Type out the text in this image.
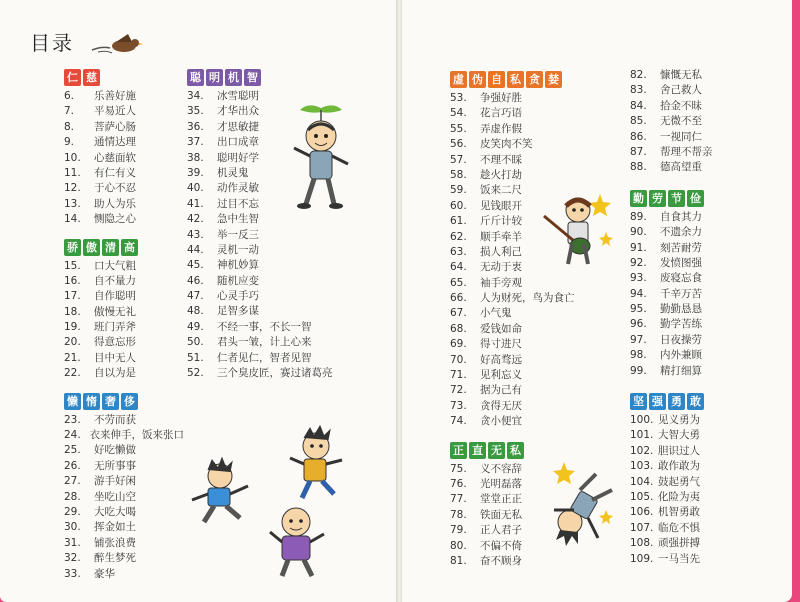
目录
仁 慈
6.	乐善好施
7.	平易近人
8.	菩萨心肠
9.	通情达理
10.	心慈面软
11.	有仁有义
12.	于心不忍
13.	助人为乐
14.	恻隐之心
骄 傲 清 高
15.	口大气粗
16.	自不量力
17.	自作聪明
18.	傲慢无礼
19.	班门弄斧
20.	得意忘形
21.	目中无人
22.	自以为是
懒 惰 奢 侈
23.	不劳而获
24. 衣来伸手，饭来张口
25.	好吃懒做
26.	无所事事
27.	游手好闲
28.	坐吃山空
29.	大吃大喝
30.	挥金如土
31.	铺张浪费
32.	醉生梦死
33.	豪华
聪 明 机 智
34.	冰雪聪明
35.	才华出众
36.	才思敏捷
37.	出口成章
38.	聪明好学
39.	机灵鬼
40.	动作灵敏
41.	过目不忘
42.	急中生智
43.	举一反三
44.	灵机一动
45.	神机妙算
46.	随机应变
47.	心灵手巧
48.	足智多谋
49.	不经一事，不长一智
50.	君头一皱，计上心来
51.	仁者见仁，智者见智
52.	三个臭皮匠，赛过诸葛亮
虚 伪 自 私 贪 婪
53.	争强好胜
54.	花言巧语
55.	弄虚作假
56.	皮笑肉不笑
57.	不理不睬
58.	趁火打劫
59.	饭来二尺
60.	见钱眼开
61.	斤斤计较
62.	顺手牵羊
63.	损人利己
64.	无动于衷
65.	袖手旁观
66.	人为财死，鸟为食亡
67.	小气鬼
68.	爱钱如命
69.	得寸进尺
70.	好高骛远
71.	见利忘义
72.	据为己有
73.	贪得无厌
74.	贪小便宜
正 直 无 私
75.	义不容辞
76.	光明磊落
77.	堂堂正正
78.	铁面无私
79.	正人君子
80.	不偏不倚
81.	奋不顾身
82.	慷慨无私
83.	舍己救人
84.	拾金不昧
85.	无微不至
86.	一视同仁
87.	帮理不帮亲
88.	德高望重
勤 劳 节 俭
89.	自食其力
90.	不遗余力
91.	刻苦耐劳
92.	发愤图强
93.	废寝忘食
94.	千辛万苦
95.	勤勤恳恳
96.	勤学苦练
97.	日夜操劳
98.	内外兼顾
99.	精打细算
坚 强 勇 敢
100. 见义勇为
101. 大智大勇
102. 胆识过人
103. 敢作敢为
104. 鼓起勇气
105. 化险为夷
106. 机智勇敢
107. 临危不惧
108. 顽强拼搏
109. 一马当先
